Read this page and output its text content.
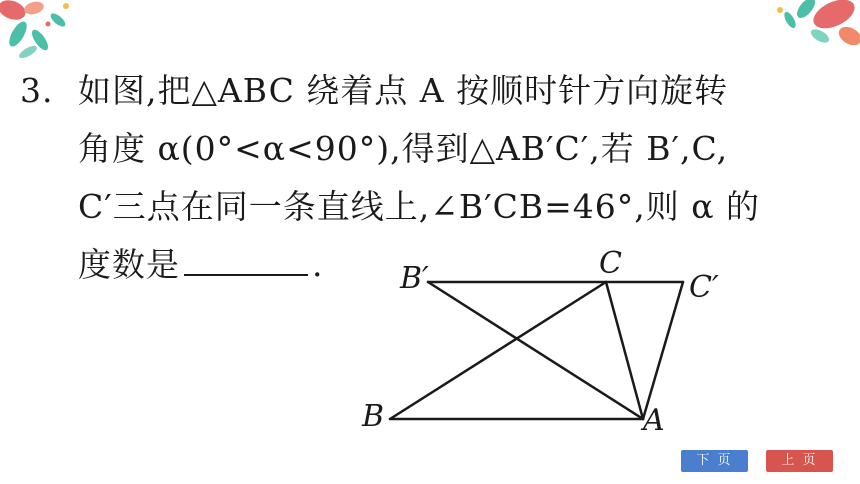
3. 如图,把△ABC 绕着点 A 按顺时针方向旋转
角度 α(0°<α<90°),得到△AB′C′,若 B′,C,
C′三点在同一条直线上,∠B′CB=46°,则 α 的
度数是	.	B′	C
C′
B	A
下 页	上 页
